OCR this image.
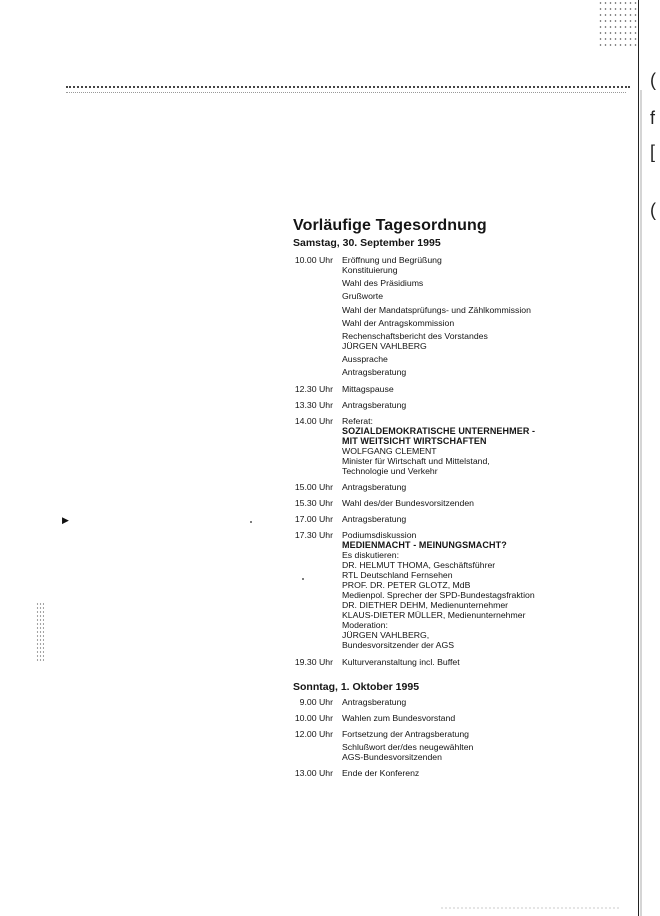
(
f
[
(
▶
Vorläufige Tagesordnung
Samstag, 30. September 1995
10.00 Uhr Eröffnung und Begrüßung
Konstituierung
Wahl des Präsidiums
Grußworte
Wahl der Mandatsprüfungs- und Zählkommission
Wahl der Antragskommission
Rechenschaftsbericht des Vorstandes
JÜRGEN VAHLBERG
Aussprache
Antragsberatung
12.30 Uhr Mittagspause
13.30 Uhr Antragsberatung
14.00 Uhr Referat:
SOZIALDEMOKRATISCHE UNTERNEHMER -
MIT WEITSICHT WIRTSCHAFTEN
WOLFGANG CLEMENT
Minister für Wirtschaft und Mittelstand,
Technologie und Verkehr
15.00 Uhr Antragsberatung
15.30 Uhr Wahl des/der Bundesvorsitzenden
17.00 Uhr Antragsberatung
17.30 Uhr Podiumsdiskussion
MEDIENMACHT - MEINUNGSMACHT?
Es diskutieren:
DR. HELMUT THOMA, Geschäftsführer
RTL Deutschland Fernsehen
PROF. DR. PETER GLOTZ, MdB
Medienpol. Sprecher der SPD-Bundestagsfraktion
DR. DIETHER DEHM, Medienunternehmer
KLAUS-DIETER MÜLLER, Medienunternehmer
Moderation:
JÜRGEN VAHLBERG,
Bundesvorsitzender der AGS
19.30 Uhr Kulturveranstaltung incl. Buffet
Sonntag, 1. Oktober 1995
9.00 Uhr Antragsberatung
10.00 Uhr Wahlen zum Bundesvorstand
12.00 Uhr Fortsetzung der Antragsberatung
Schlußwort der/des neugewählten
AGS-Bundesvorsitzenden
13.00 Uhr Ende der Konferenz
